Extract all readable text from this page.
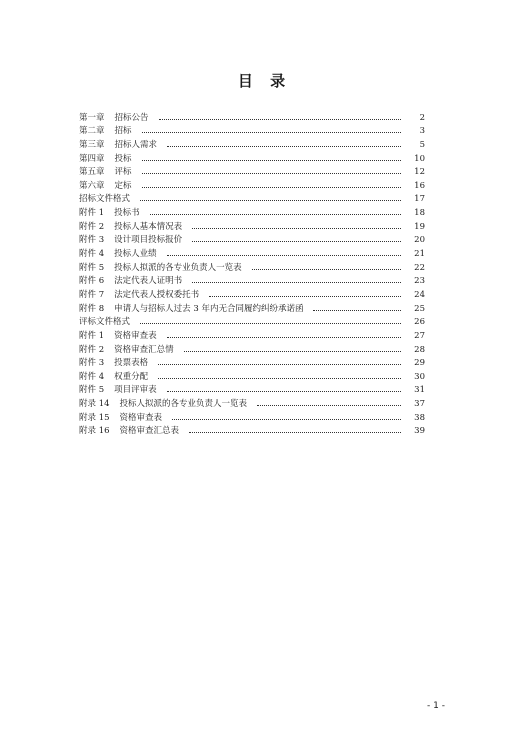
目 录
第一章 招标公告	2
第二章 招标	3
第三章 招标人需求	5
第四章 投标	10
第五章 评标	12
第六章 定标	16
招标文件格式	17
附件 1 投标书	18
附件 2 投标人基本情况表	19
附件 3 设计项目投标报价	20
附件 4 投标人业绩	21
附件 5 投标人拟派的各专业负责人一览表	22
附件 6 法定代表人证明书	23
附件 7 法定代表人授权委托书	24
附件 8 申请人与招标人过去 3 年内无合同履约纠纷承诺函	25
评标文件格式	26
附件 1 资格审查表	27
附件 2 资格审查汇总情	28
附件 3 投票表格	29
附件 4 权重分配	30
附件 5 项目评审表	31
附录 14 投标人拟派的各专业负责人一览表	37
附录 15 资格审查表	38
附录 16 资格审查汇总表	39
- 1 -
